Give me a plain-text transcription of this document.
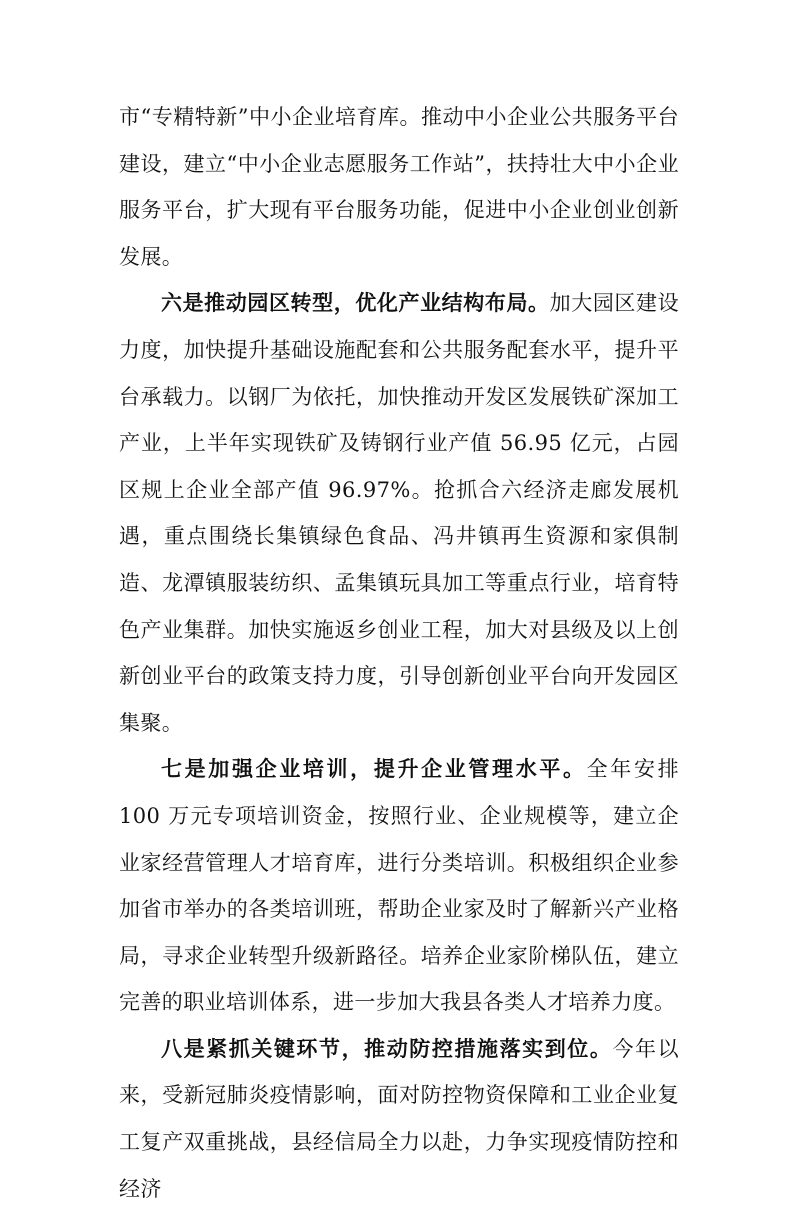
市“专精特新”中小企业培育库。推动中小企业公共服务平台建设，建立“中小企业志愿服务工作站”，扶持壮大中小企业服务平台，扩大现有平台服务功能，促进中小企业创业创新发展。

六是推动园区转型，优化产业结构布局。加大园区建设力度，加快提升基础设施配套和公共服务配套水平，提升平台承载力。以钢厂为依托，加快推动开发区发展铁矿深加工产业，上半年实现铁矿及铸钢行业产值 56.95 亿元，占园区规上企业全部产值 96.97%。抢抓合六经济走廊发展机遇，重点围绕长集镇绿色食品、冯井镇再生资源和家俱制造、龙潭镇服装纺织、孟集镇玩具加工等重点行业，培育特色产业集群。加快实施返乡创业工程，加大对县级及以上创新创业平台的政策支持力度，引导创新创业平台向开发园区集聚。

七是加强企业培训，提升企业管理水平。全年安排 100 万元专项培训资金，按照行业、企业规模等，建立企业家经营管理人才培育库，进行分类培训。积极组织企业参加省市举办的各类培训班，帮助企业家及时了解新兴产业格局，寻求企业转型升级新路径。培养企业家阶梯队伍，建立完善的职业培训体系，进一步加大我县各类人才培养力度。

八是紧抓关键环节，推动防控措施落实到位。今年以来，受新冠肺炎疫情影响，面对防控物资保障和工业企业复工复产双重挑战，县经信局全力以赴，力争实现疫情防控和经济
